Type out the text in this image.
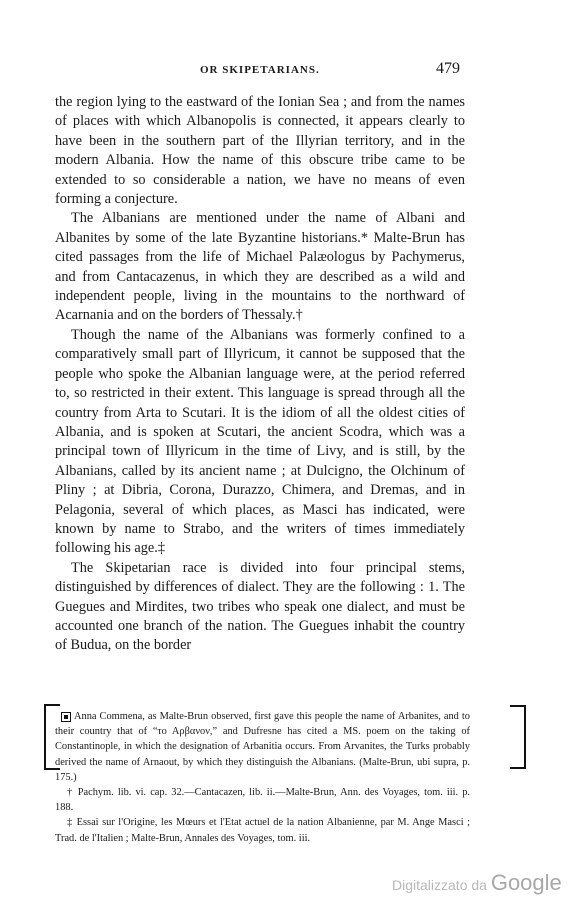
OR SKIPETARIANS.	479

the region lying to the eastward of the Ionian Sea ; and from the names of places with which Albanopolis is connected, it appears clearly to have been in the southern part of the Illyrian territory, and in the modern Albania. How the name of this obscure tribe came to be extended to so considerable a nation, we have no means of even forming a conjecture.

The Albanians are mentioned under the name of Albani and Albanites by some of the late Byzantine historians.* Malte-Brun has cited passages from the life of Michael Palæologus by Pachymerus, and from Cantacazenus, in which they are described as a wild and independent people, living in the mountains to the northward of Acarnania and on the borders of Thessaly.†

Though the name of the Albanians was formerly confined to a comparatively small part of Illyricum, it cannot be supposed that the people who spoke the Albanian language were, at the period referred to, so restricted in their extent. This language is spread through all the country from Arta to Scutari. It is the idiom of all the oldest cities of Albania, and is spoken at Scutari, the ancient Scodra, which was a principal town of Illyricum in the time of Livy, and is still, by the Albanians, called by its ancient name ; at Dulcigno, the Olchinum of Pliny ; at Dibria, Corona, Durazzo, Chimera, and Dremas, and in Pelagonia, several of which places, as Masci has indicated, were known by name to Strabo, and the writers of times immediately following his age.‡

The Skipetarian race is divided into four principal stems, distinguished by differences of dialect. They are the following : 1. The Guegues and Mirdites, two tribes who speak one dialect, and must be accounted one branch of the nation. The Guegues inhabit the country of Budua, on the border

Anna Commena, as Malte-Brun observed, first gave this people the name of Arbanites, and to their country that of “το Αρβανον,” and Dufresne has cited a MS. poem on the taking of Constantinople, in which the designation of Arbanitia occurs. From Arvanites, the Turks probably derived the name of Arnaout, by which they distinguish the Albanians. (Malte-Brun, ubi supra, p. 175.)

† Pachym. lib. vi. cap. 32.—Cantacazen, lib. ii.—Malte-Brun, Ann. des Voyages, tom. iii. p. 188.

‡ Essai sur l'Origine, les Mœurs et l'Etat actuel de la nation Albanienne, par M. Ange Masci ; Trad. de l'Italien ; Malte-Brun, Annales des Voyages, tom. iii.

Digitalizzato da Google
